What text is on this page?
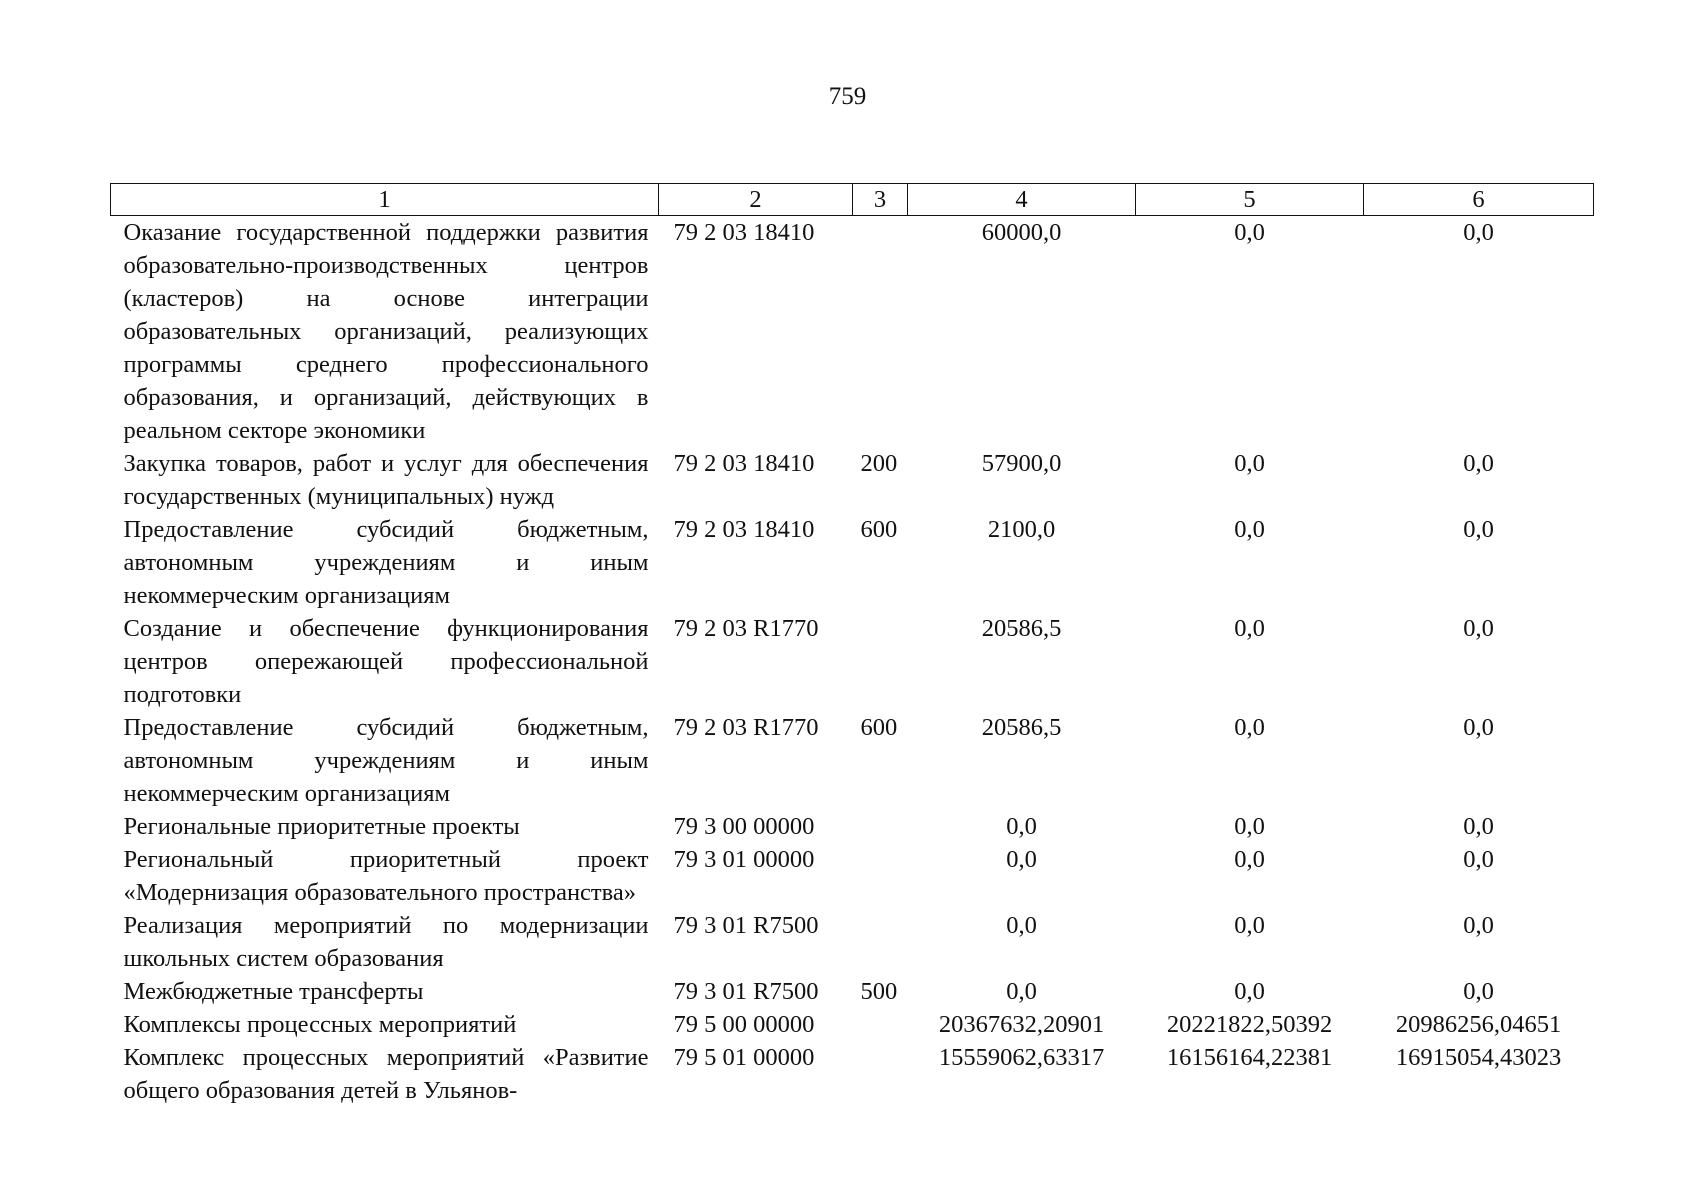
759
1	2	3	4	5	6
Оказание государственной поддержки развития образовательно-производственных центров (кластеров) на основе интеграции образовательных организаций, реализующих программы среднего профессионального образования, и организаций, действующих в реальном секторе экономики	79 2 03 18410		60000,0	0,0	0,0
Закупка товаров, работ и услуг для обеспечения государственных (муниципальных) нужд	79 2 03 18410	200	57900,0	0,0	0,0
Предоставление субсидий бюджетным, автономным учреждениям и иным некоммерческим организациям	79 2 03 18410	600	2100,0	0,0	0,0
Создание и обеспечение функционирования центров опережающей профессиональной подготовки	79 2 03 R1770		20586,5	0,0	0,0
Предоставление субсидий бюджетным, автономным учреждениям и иным некоммерческим организациям	79 2 03 R1770	600	20586,5	0,0	0,0
Региональные приоритетные проекты	79 3 00 00000		0,0	0,0	0,0
Региональный приоритетный проект «Модернизация образовательного пространства»	79 3 01 00000		0,0	0,0	0,0
Реализация мероприятий по модернизации школьных систем образования	79 3 01 R7500		0,0	0,0	0,0
Межбюджетные трансферты	79 3 01 R7500	500	0,0	0,0	0,0
Комплексы процессных мероприятий	79 5 00 00000		20367632,20901	20221822,50392	20986256,04651
Комплекс процессных мероприятий «Развитие общего образования детей в Ульянов-	79 5 01 00000		15559062,63317	16156164,22381	16915054,43023
